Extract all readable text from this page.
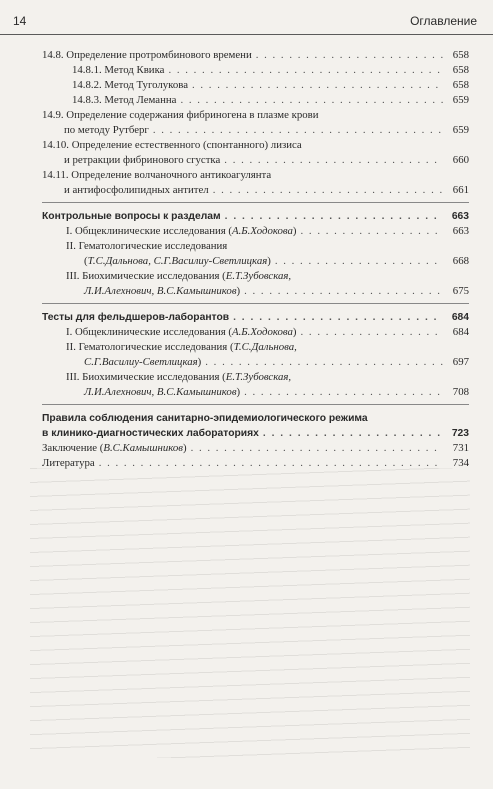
14	Оглавление
14.8. Определение протромбинового времени . . .	658
14.8.1. Метод Квика . . .	658
14.8.2. Метод Туголукова . . .	658
14.8.3. Метод Леманна . . .	659
14.9. Определение содержания фибриногена в плазме крови
по методу Рутберг . . .	659
14.10. Определение естественного (спонтанного) лизиса
и ретракции фибринового сгустка . . .	660
14.11. Определение волчаночного антикоагулянта
и антифосфолипидных антител . . .	661
Контрольные вопросы к разделам . . .	663
I. Общеклинические исследования (А.Б.Ходокова) . . .	663
II. Гематологические исследования
(Т.С.Дальнова, С.Г.Василиу-Светлицкая) . . .	668
III. Биохимические исследования (Е.Т.Зубовская,
Л.И.Алехнович, В.С.Камышников) . . .	675
Тесты для фельдшеров-лаборантов . . .	684
I. Общеклинические исследования (А.Б.Ходокова) . . .	684
II. Гематологические исследования (Т.С.Дальнова,
С.Г.Василиу-Светлицкая) . . .	697
III. Биохимические исследования (Е.Т.Зубовская,
Л.И.Алехнович, В.С.Камышников) . . .	708
Правила соблюдения санитарно-эпидемиологического режима
в клинико-диагностических лабораториях . . .	723
Заключение (В.С.Камышников) . . .	731
Литература . . .	734
